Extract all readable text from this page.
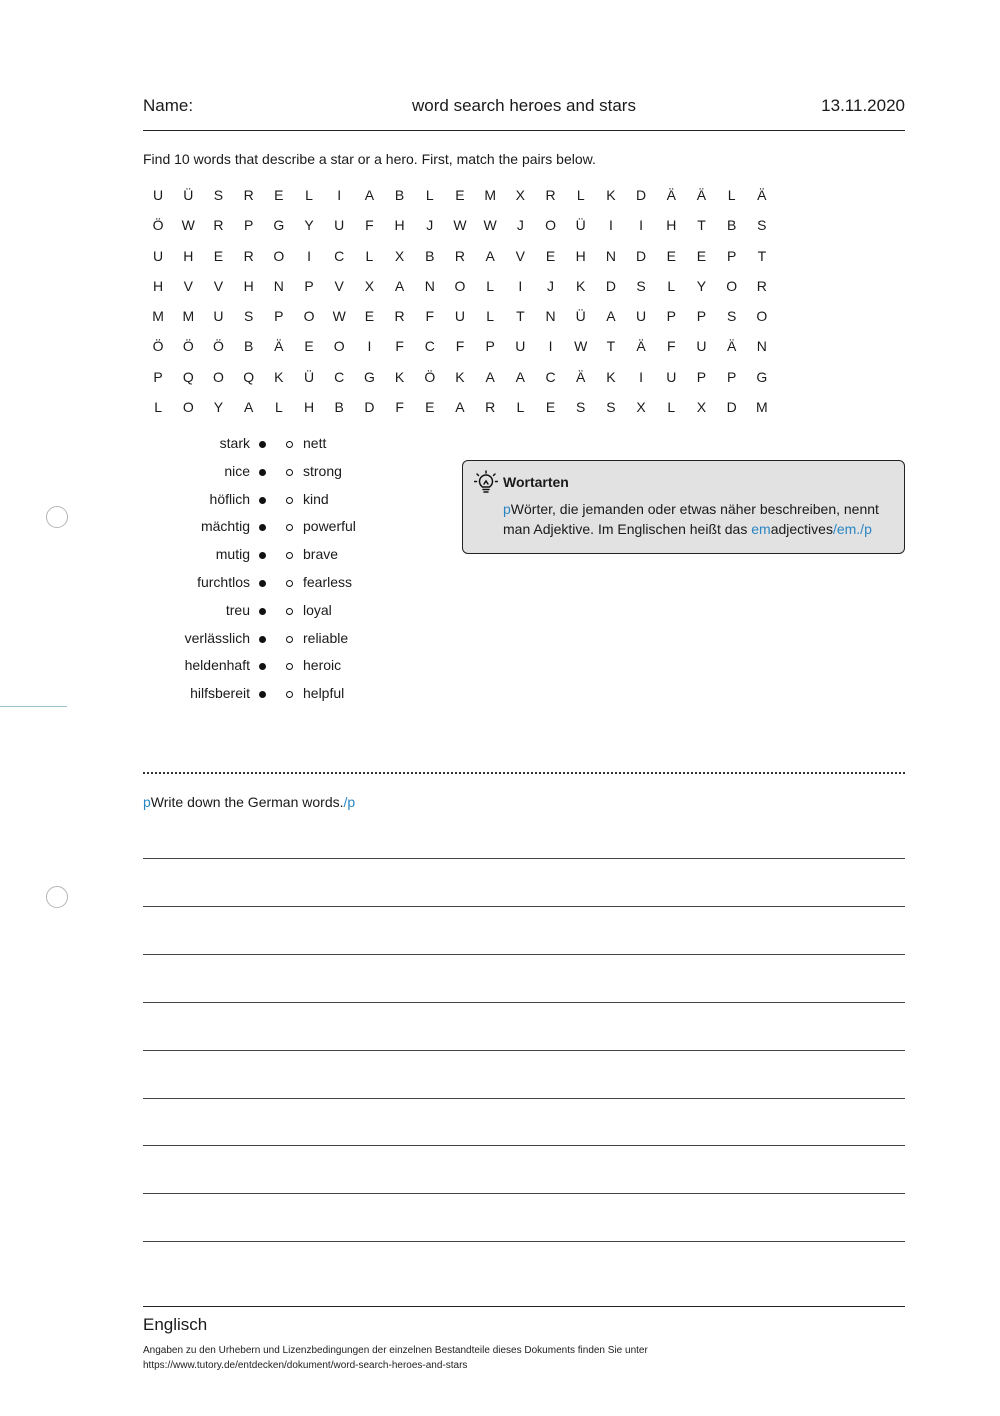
Name:	word search heroes and stars	13.11.2020
Find 10 words that describe a star or a hero. First, match the pairs below.
U	Ü	S	R	E	L	I	A	B	L	E	M	X	R	L	K	D	Ä	Ä	L	Ä
Ö	W	R	P	G	Y	U	F	H	J	W	W	J	O	Ü	I	I	H	T	B	S
U	H	E	R	O	I	C	L	X	B	R	A	V	E	H	N	D	E	E	P	T
H	V	V	H	N	P	V	X	A	N	O	L	I	J	K	D	S	L	Y	O	R
M	M	U	S	P	O	W	E	R	F	U	L	T	N	Ü	A	U	P	P	S	O
Ö	Ö	Ö	B	Ä	E	O	I	F	C	F	P	U	I	W	T	Ä	F	U	Ä	N
P	Q	O	Q	K	Ü	C	G	K	Ö	K	A	A	C	Ä	K	I	U	P	P	G
L	O	Y	A	L	H	B	D	F	E	A	R	L	E	S	S	X	L	X	D	M
stark	nett
nice	strong
höflich	kind
mächtig	powerful
mutig	brave
furchtlos	fearless
treu	loyal
verlässlich	reliable
heldenhaft	heroic
hilfsbereit	helpful
Wortarten
pWörter, die jemanden oder etwas näher beschreiben, nennt man Adjektive. Im Englischen heißt das emadjectives/em./p
pWrite down the German words./p
Englisch
Angaben zu den Urhebern und Lizenzbedingungen der einzelnen Bestandteile dieses Dokuments finden Sie unter
https://www.tutory.de/entdecken/dokument/word-search-heroes-and-stars
